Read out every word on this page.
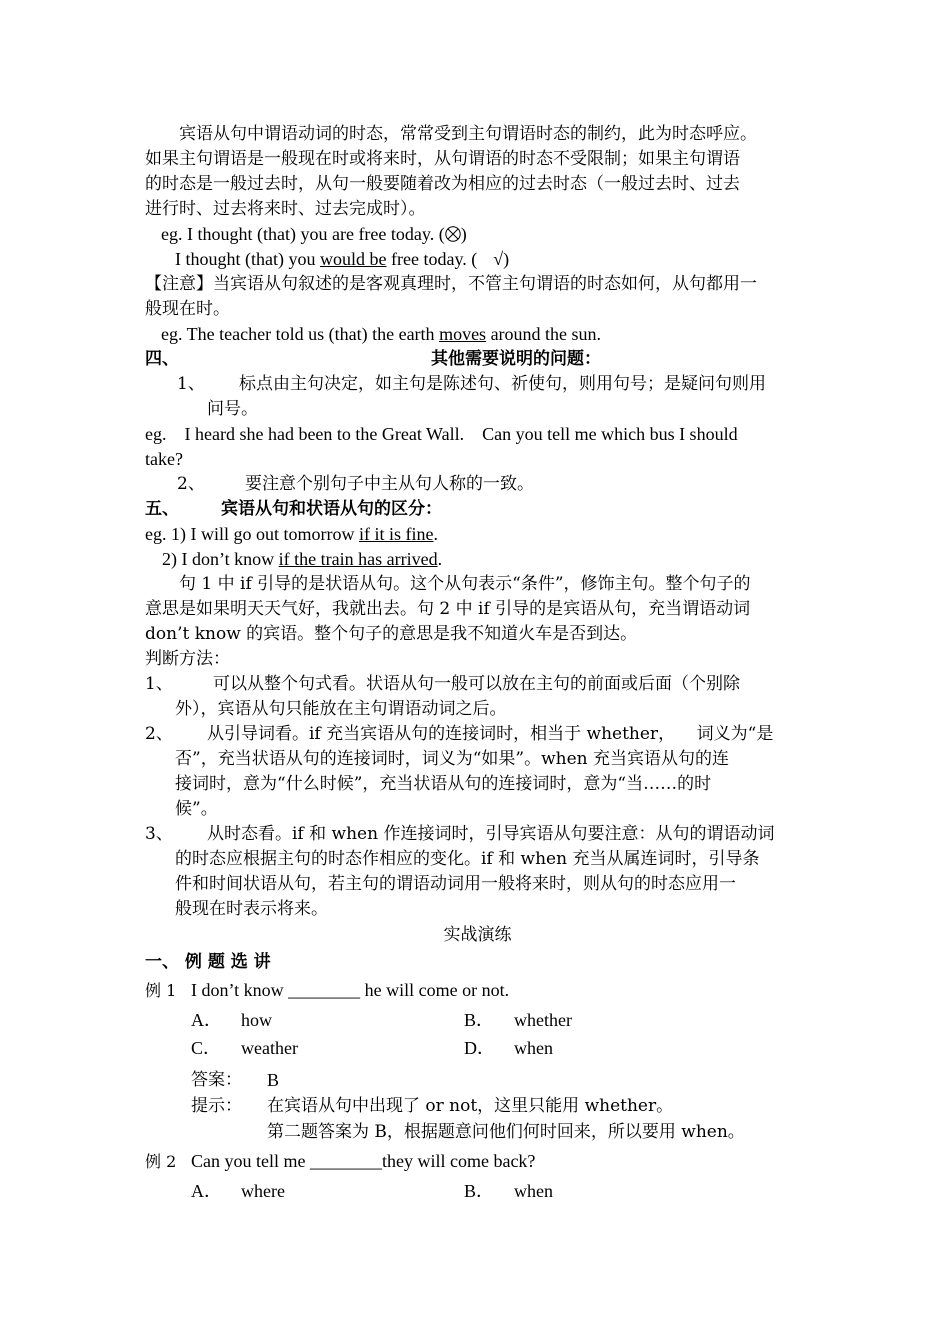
宾语从句中谓语动词的时态，常常受到主句谓语时态的制约，此为时态呼应。
如果主句谓语是一般现在时或将来时，从句谓语的时态不受限制；如果主句谓语
的时态是一般过去时，从句一般要随着改为相应的过去时态（一般过去时、过去
进行时、过去将来时、过去完成时）。
eg. I thought (that) you are free today. ( )
I thought (that) you would be free today. ( √)
【注意】当宾语从句叙述的是客观真理时，不管主句谓语的时态如何，从句都用一
般现在时。
eg. The teacher told us (that) the earth moves around the sun.
四、	其他需要说明的问题：
1、 标点由主句决定，如主句是陈述句、祈使句，则用句号；是疑问句则用
问号。
eg.    I heard she had been to the Great Wall.    Can you tell me which bus I should
take?
2、 要注意个别句子中主从句人称的一致。
五、 宾语从句和状语从句的区分：
eg. 1) I will go out tomorrow if it is fine.
2) I don’t know if the train has arrived.
句 1 中 if 引导的是状语从句。这个从句表示“条件”，修饰主句。整个句子的
意思是如果明天天气好，我就出去。句 2 中 if 引导的是宾语从句，充当谓语动词
don’t know 的宾语。整个句子的意思是我不知道火车是否到达。
判断方法：
1、 可以从整个句式看。状语从句一般可以放在主句的前面或后面（个别除
外），宾语从句只能放在主句谓语动词之后。
2、 从引导词看。if 充当宾语从句的连接词时，相当于 whether，    词义为“是
否”，充当状语从句的连接词时，词义为“如果”。when 充当宾语从句的连
接词时，意为“什么时候”，充当状语从句的连接词时，意为“当……的时
候”。
3、 从时态看。if 和 when 作连接词时，引导宾语从句要注意：从句的谓语动词
的时态应根据主句的时态作相应的变化。if 和 when 充当从属连词时，引导条
件和时间状语从句，若主句的谓语动词用一般将来时，则从句的时态应用一
般现在时表示将来。
实战演练
一、 例 题 选 讲
例 1 I don’t know ________ he will come or not.
A．	how	B．	whether
C．	weather	D．	when
答案：	B
提示： 在宾语从句中出现了 or not，这里只能用 whether。
第二题答案为 B，根据题意问他们何时回来，所以要用 when。
例 2 Can you tell me ________they will come back?
A．	where	B．	when
